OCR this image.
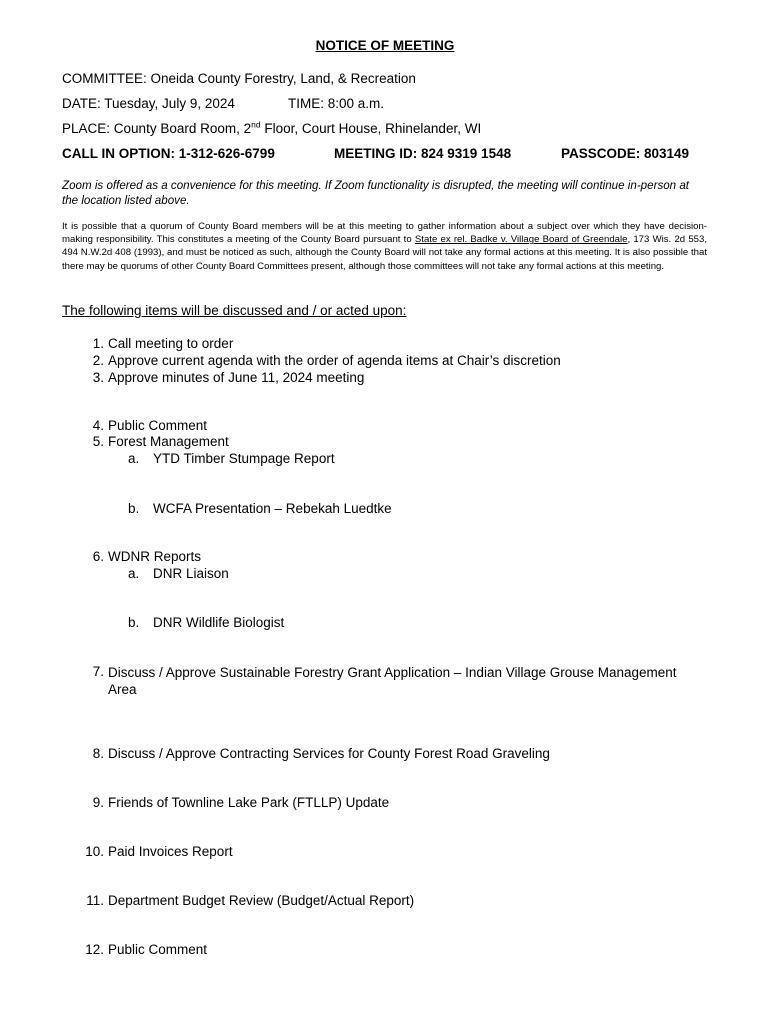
NOTICE OF MEETING
COMMITTEE: Oneida County Forestry, Land, & Recreation
DATE: Tuesday, July 9, 2024	TIME: 8:00 a.m.
PLACE: County Board Room, 2nd Floor, Court House, Rhinelander, WI
CALL IN OPTION: 1-312-626-6799	MEETING ID: 824 9319 1548	PASSCODE: 803149
Zoom is offered as a convenience for this meeting. If Zoom functionality is disrupted, the meeting will continue in-person at the location listed above.
It is possible that a quorum of County Board members will be at this meeting to gather information about a subject over which they have decision-making responsibility. This constitutes a meeting of the County Board pursuant to State ex rel. Badke v. Village Board of Greendale, 173 Wis. 2d 553, 494 N.W.2d 408 (1993), and must be noticed as such, although the County Board will not take any formal actions at this meeting. It is also possible that there may be quorums of other County Board Committees present, although those committees will not take any formal actions at this meeting.
The following items will be discussed and / or acted upon:
1. Call meeting to order
2. Approve current agenda with the order of agenda items at Chair’s discretion
3. Approve minutes of June 11, 2024 meeting
4. Public Comment
5. Forest Management
a. YTD Timber Stumpage Report
b. WCFA Presentation – Rebekah Luedtke
6. WDNR Reports
a. DNR Liaison
b. DNR Wildlife Biologist
7. Discuss / Approve Sustainable Forestry Grant Application – Indian Village Grouse Management Area
8. Discuss / Approve Contracting Services for County Forest Road Graveling
9. Friends of Townline Lake Park (FTLLP) Update
10. Paid Invoices Report
11. Department Budget Review (Budget/Actual Report)
12. Public Comment
